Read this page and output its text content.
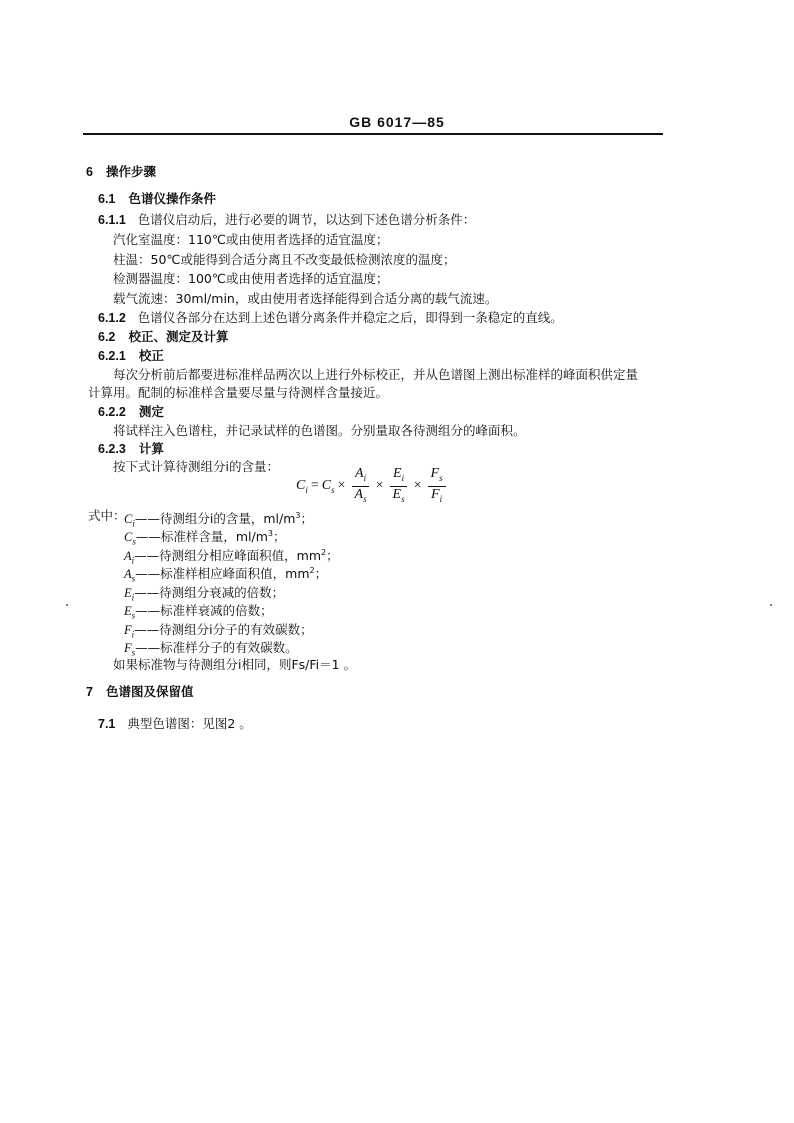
GB 6017—85
6 操作步骤
6.1 色谱仪操作条件
6.1.1 色谱仪启动后，进行必要的调节，以达到下述色谱分析条件：
汽化室温度：110℃或由使用者选择的适宜温度；
柱温：50℃或能得到合适分离且不改变最低检测浓度的温度；
检测器温度：100℃或由使用者选择的适宜温度；
载气流速：30ml/min，或由使用者选择能得到合适分离的载气流速。
6.1.2 色谱仪各部分在达到上述色谱分离条件并稳定之后，即得到一条稳定的直线。
6.2 校正、测定及计算
6.2.1 校正
每次分析前后都要进标准样品两次以上进行外标校正，并从色谱图上测出标准样的峰面积供定量
计算用。配制的标准样含量要尽量与待测样含量接近。
6.2.2 测定
将试样注入色谱柱，并记录试样的色谱图。分别量取各待测组分的峰面积。
6.2.3 计算
按下式计算待测组分i的含量：
$C_i = C_s \times \frac{A_i}{A_s} \times \frac{E_i}{E_s} \times \frac{F_s}{F_i}$
式中：
$C_i——$待测组分i的含量，$ml/m^3$；
$C_s——$标准样含量，$ml/m^3$；
$A_i——$待测组分相应峰面积值，$mm^2$；
$A_s——$标准样相应峰面积值，$mm^2$；
$E_i——$待测组分衰减的倍数；
$E_s——$标准样衰减的倍数；
$F_i——$待测组分i分子的有效碳数；
$F_s——$标准样分子的有效碳数。
如果标准物与待测组分i相同，则Fs/Fi＝1 。
7 色谱图及保留值
7.1 典型色谱图：见图2 。
